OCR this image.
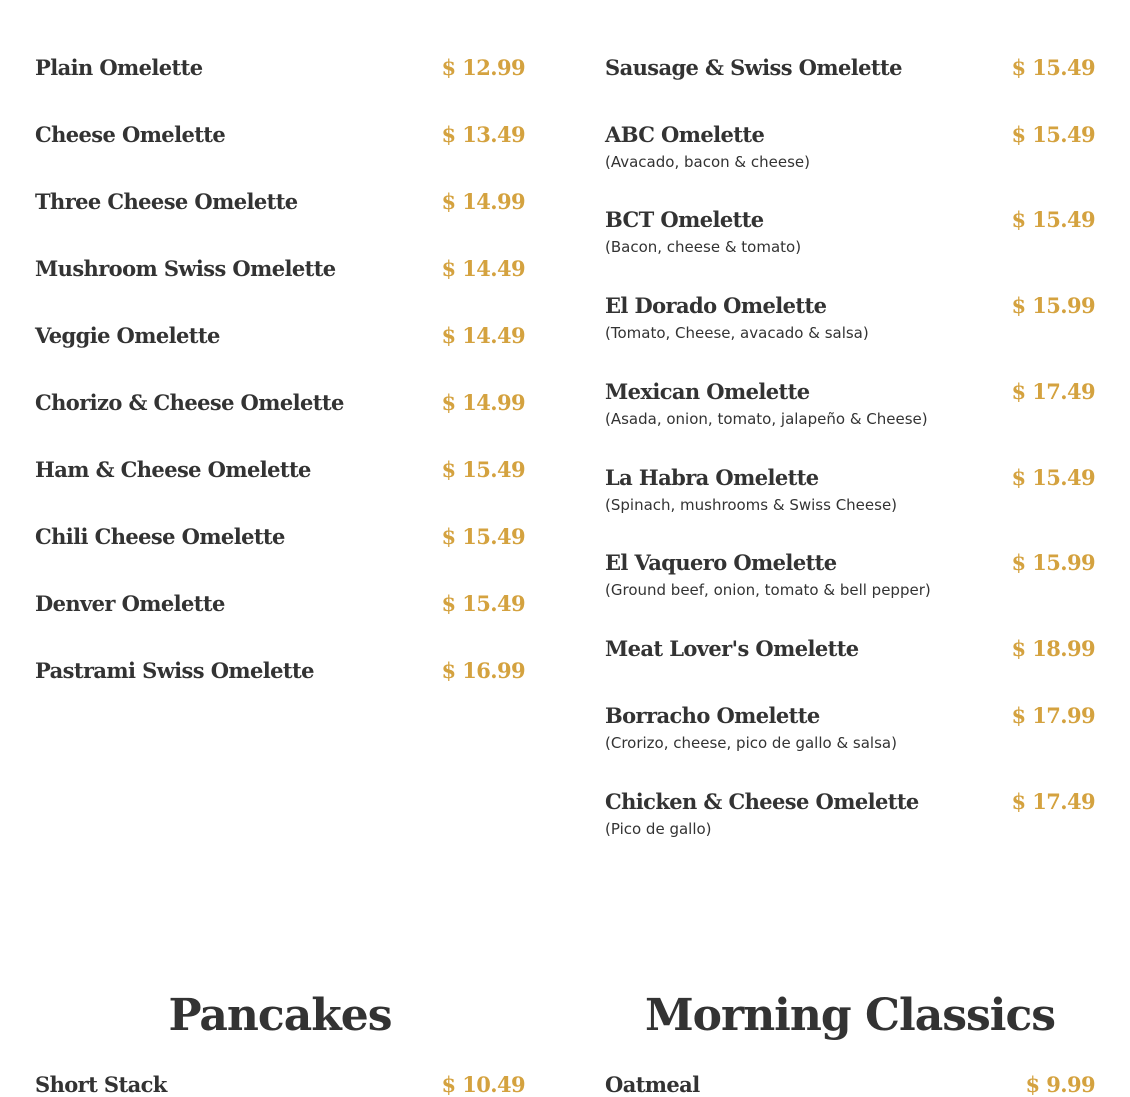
Plain Omelette	$ 12.99
Cheese Omelette	$ 13.49
Three Cheese Omelette	$ 14.99
Mushroom Swiss Omelette	$ 14.49
Veggie Omelette	$ 14.49
Chorizo & Cheese Omelette	$ 14.99
Ham & Cheese Omelette	$ 15.49
Chili Cheese Omelette	$ 15.49
Denver Omelette	$ 15.49
Pastrami Swiss Omelette	$ 16.99
Sausage & Swiss Omelette	$ 15.49
ABC Omelette	$ 15.49
(Avacado, bacon & cheese)
BCT Omelette	$ 15.49
(Bacon, cheese & tomato)
El Dorado Omelette	$ 15.99
(Tomato, Cheese, avacado & salsa)
Mexican Omelette	$ 17.49
(Asada, onion, tomato, jalapeño & Cheese)
La Habra Omelette	$ 15.49
(Spinach, mushrooms & Swiss Cheese)
El Vaquero Omelette	$ 15.99
(Ground beef, onion, tomato & bell pepper)
Meat Lover's Omelette	$ 18.99
Borracho Omelette	$ 17.99
(Crorizo, cheese, pico de gallo & salsa)
Chicken & Cheese Omelette	$ 17.49
(Pico de gallo)
Pancakes	Morning Classics
Short Stack	$ 10.49	Oatmeal	$ 9.99
